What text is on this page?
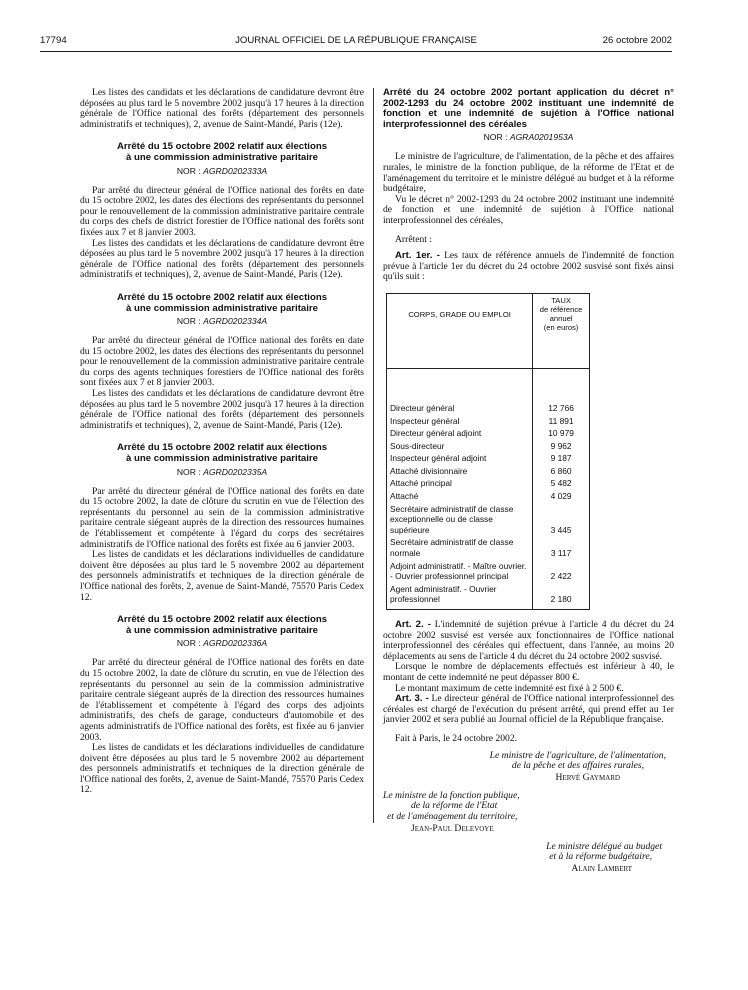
17794	JOURNAL OFFICIEL DE LA RÉPUBLIQUE FRANÇAISE	26 octobre 2002

Les listes des candidats et les déclarations de candidature devront être déposées au plus tard le 5 novembre 2002 jusqu'à 17 heures à la direction générale de l'Office national des forêts (département des personnels administratifs et techniques), 2, avenue de Saint-Mandé, Paris (12e).

Arrêté du 15 octobre 2002 relatif aux élections
à une commission administrative paritaire
NOR : AGRD0202333A

Par arrêté du directeur général de l'Office national des forêts en date du 15 octobre 2002, les dates des élections des représentants du personnel pour le renouvellement de la commission administrative paritaire centrale du corps des chefs de district forestier de l'Office national des forêts sont fixées aux 7 et 8 janvier 2003.

Les listes des candidats et les déclarations de candidature devront être déposées au plus tard le 5 novembre 2002 jusqu'à 17 heures à la direction générale de l'Office national des forêts (département des personnels administratifs et techniques), 2, avenue de Saint-Mandé, Paris (12e).

Arrêté du 15 octobre 2002 relatif aux élections
à une commission administrative paritaire
NOR : AGRD0202334A

Par arrêté du directeur général de l'Office national des forêts en date du 15 octobre 2002, les dates des élections des représentants du personnel pour le renouvellement de la commission administrative paritaire centrale du corps des agents techniques forestiers de l'Office national des forêts sont fixées aux 7 et 8 janvier 2003.

Les listes des candidats et les déclarations de candidature devront être déposées au plus tard le 5 novembre 2002 jusqu'à 17 heures à la direction générale de l'Office national des forêts (département des personnels administratifs et techniques), 2, avenue de Saint-Mandé, Paris (12e).

Arrêté du 15 octobre 2002 relatif aux élections
à une commission administrative paritaire
NOR : AGRD0202335A

Par arrêté du directeur général de l'Office national des forêts en date du 15 octobre 2002, la date de clôture du scrutin en vue de l'élection des représentants du personnel au sein de la commission administrative paritaire centrale siégeant auprès de la direction des ressources humaines de l'établissement et compétente à l'égard du corps des secrétaires administratifs de l'Office national des forêts est fixée au 6 janvier 2003.

Les listes de candidats et les déclarations individuelles de candidature doivent être déposées au plus tard le 5 novembre 2002 au département des personnels administratifs et techniques de la direction générale de l'Office national des forêts, 2, avenue de Saint-Mandé, 75570 Paris Cedex 12.

Arrêté du 15 octobre 2002 relatif aux élections
à une commission administrative paritaire
NOR : AGRD0202336A

Par arrêté du directeur général de l'Office national des forêts en date du 15 octobre 2002, la date de clôture du scrutin, en vue de l'élection des représentants du personnel au sein de la commission administrative paritaire centrale siégeant auprès de la direction des ressources humaines de l'établissement et compétente à l'égard des corps des adjoints administratifs, des chefs de garage, conducteurs d'automobile et des agents administratifs de l'Office national des forêts, est fixée au 6 janvier 2003.

Les listes de candidats et les déclarations individuelles de candidature doivent être déposées au plus tard le 5 novembre 2002 au département des personnels administratifs et techniques de la direction générale de l'Office national des forêts, 2, avenue de Saint-Mandé, 75570 Paris Cedex 12.

Arrêté du 24 octobre 2002 portant application du décret n° 2002-1293 du 24 octobre 2002 instituant une indemnité de fonction et une indemnité de sujétion à l'Office national interprofessionnel des céréales
NOR : AGRA0201953A

Le ministre de l'agriculture, de l'alimentation, de la pêche et des affaires rurales, le ministre de la fonction publique, de la réforme de l'Etat et de l'aménagement du territoire et le ministre délégué au budget et à la réforme budgétaire,

Vu le décret n° 2002-1293 du 24 octobre 2002 instituant une indemnité de fonction et une indemnité de sujétion à l'Office national interprofessionnel des céréales,

Arrêtent :

Art. 1er. - Les taux de référence annuels de l'indemnité de fonction prévue à l'article 1er du décret du 24 octobre 2002 susvisé sont fixés ainsi qu'ils suit :

CORPS, GRADE OU EMPLOI	TAUX
de référence annuel
(en euros)
Directeur général	12 766
Inspecteur général	11 891
Directeur général adjoint	10 979
Sous-directeur	9 962
Inspecteur général adjoint	9 187
Attaché divisionnaire	6 860
Attaché principal	5 482
Attaché	4 029
Secrétaire administratif de classe exceptionnelle ou de classe supérieure	3 445
Secrétaire administratif de classe normale	3 117
Adjoint administratif. - Maître ouvrier. - Ouvrier professionnel principal	2 422
Agent administratif. - Ouvrier professionnel	2 180

Art. 2. - L'indemnité de sujétion prévue à l'article 4 du décret du 24 octobre 2002 susvisé est versée aux fonctionnaires de l'Office national interprofessionnel des céréales qui effectuent, dans l'année, au moins 20 déplacements au sens de l'article 4 du décret du 24 octobre 2002 susvisé.

Lorsque le nombre de déplacements effectués est inférieur à 40, le montant de cette indemnité ne peut dépasser 800 €.

Le montant maximum de cette indemnité est fixé à 2 500 €.

Art. 3. - Le directeur général de l'Office national interprofessionnel des céréales est chargé de l'exécution du présent arrêté, qui prend effet au 1er janvier 2002 et sera publié au Journal officiel de la République française.

Fait à Paris, le 24 octobre 2002.

Le ministre de l'agriculture, de l'alimentation,
de la pêche et des affaires rurales,
Hervé Gaymard
Le ministre de la fonction publique,
de la réforme de l'Etat
et de l'aménagement du territoire,
Jean-Paul Delevoye
Le ministre délégué au budget
et à la réforme budgétaire,
Alain Lambert
